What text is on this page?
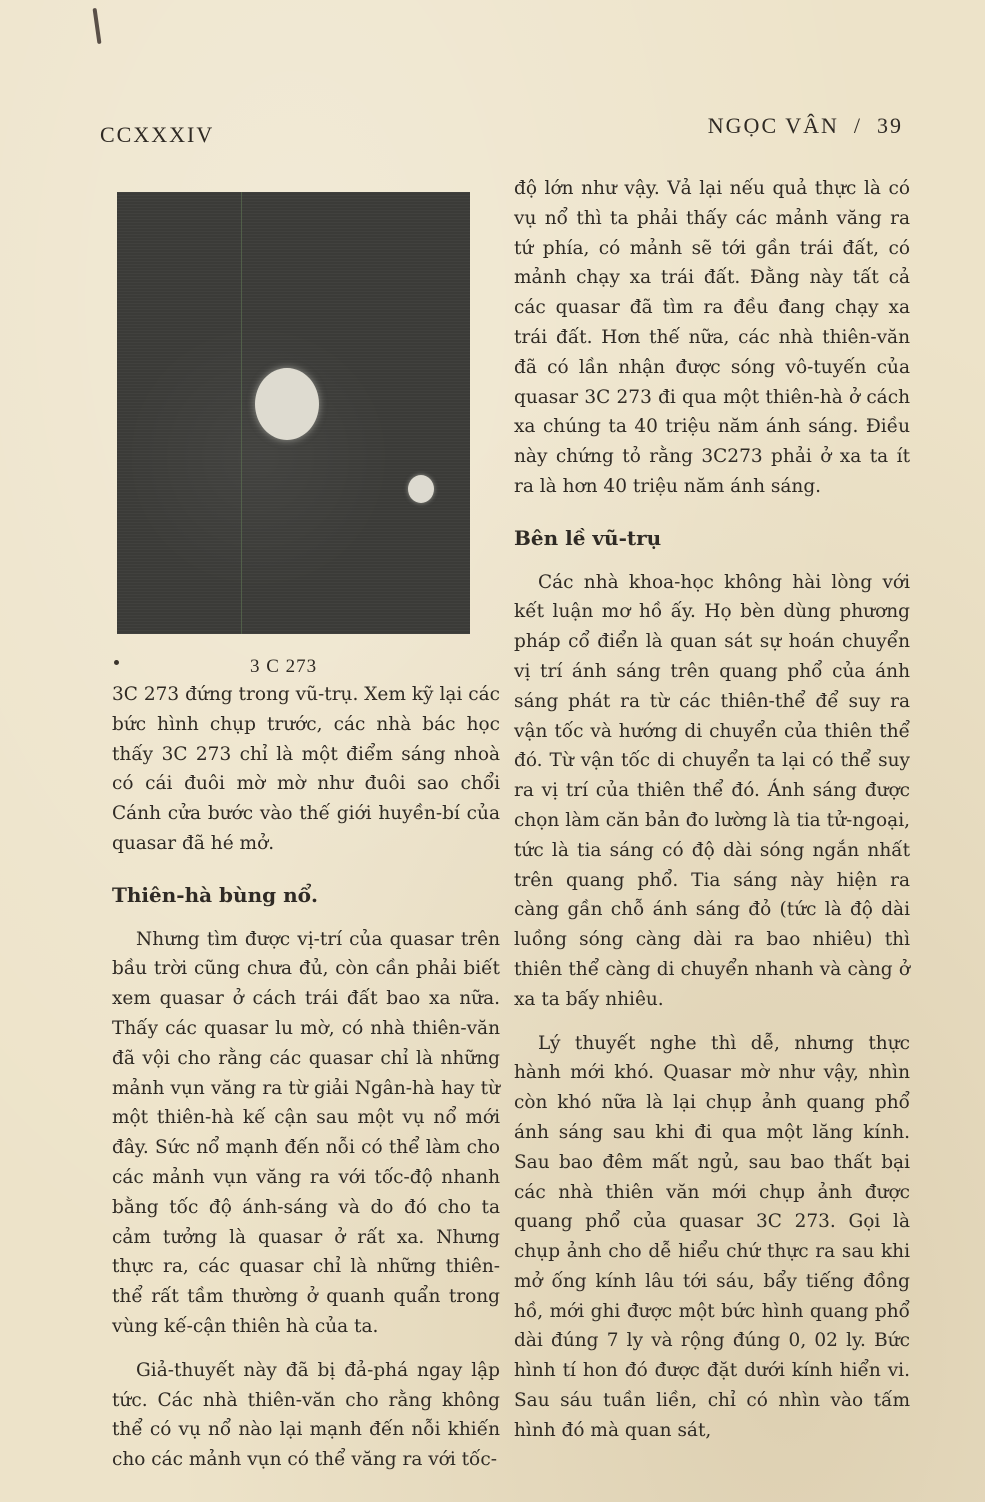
CCXXXIV	NGỌC VÂN  /  39
3 C 273

3C 273 đứng trong vũ-trụ. Xem kỹ lại các bức hình chụp trước, các nhà bác học thấy 3C 273 chỉ là một điểm sáng nhoà có cái đuôi mờ mờ như đuôi sao chổi Cánh cửa bước vào thế giới huyền-bí của quasar đã hé mở.

Thiên-hà bùng nổ.

Nhưng tìm được vị-trí của quasar trên bầu trời cũng chưa đủ, còn cần phải biết xem quasar ở cách trái đất bao xa nữa. Thấy các quasar lu mờ, có nhà thiên-văn đã vội cho rằng các quasar chỉ là những mảnh vụn văng ra từ giải Ngân-hà hay từ một thiên-hà kế cận sau một vụ nổ mới đây. Sức nổ mạnh đến nỗi có thể làm cho các mảnh vụn văng ra với tốc-độ nhanh bằng tốc độ ánh-sáng và do đó cho ta cảm tưởng là quasar ở rất xa. Nhưng thực ra, các quasar chỉ là những thiên-thể rất tầm thường ở quanh quẩn trong vùng kế-cận thiên hà của ta.

Giả-thuyết này đã bị đả-phá ngay lập tức. Các nhà thiên-văn cho rằng không thể có vụ nổ nào lại mạnh đến nỗi khiến cho các mảnh vụn có thể văng ra với tốc-

độ lớn như vậy. Vả lại nếu quả thực là có vụ nổ thì ta phải thấy các mảnh văng ra tứ phía, có mảnh sẽ tới gần trái đất, có mảnh chạy xa trái đất. Đằng này tất cả các quasar đã tìm ra đều đang chạy xa trái đất. Hơn thế nữa, các nhà thiên-văn đã có lần nhận được sóng vô-tuyến của quasar 3C 273 đi qua một thiên-hà ở cách xa chúng ta 40 triệu năm ánh sáng. Điều này chứng tỏ rằng 3C273 phải ở xa ta ít ra là hơn 40 triệu năm ánh sáng.

Bên lề vũ-trụ

Các nhà khoa-học không hài lòng với kết luận mơ hồ ấy. Họ bèn dùng phương pháp cổ điển là quan sát sự hoán chuyển vị trí ánh sáng trên quang phổ của ánh sáng phát ra từ các thiên-thể để suy ra vận tốc và hướng di chuyển của thiên thể đó. Từ vận tốc di chuyển ta lại có thể suy ra vị trí của thiên thể đó. Ánh sáng được chọn làm căn bản đo lường là tia tử-ngoại, tức là tia sáng có độ dài sóng ngắn nhất trên quang phổ. Tia sáng này hiện ra càng gần chỗ ánh sáng đỏ (tức là độ dài luồng sóng càng dài ra bao nhiêu) thì thiên thể càng di chuyển nhanh và càng ở xa ta bấy nhiêu.

Lý thuyết nghe thì dễ, nhưng thực hành mới khó. Quasar mờ như vậy, nhìn còn khó nữa là lại chụp ảnh quang phổ ánh sáng sau khi đi qua một lăng kính. Sau bao đêm mất ngủ, sau bao thất bại các nhà thiên văn mới chụp ảnh được quang phổ của quasar 3C 273. Gọi là chụp ảnh cho dễ hiểu chứ thực ra sau khi mở ống kính lâu tới sáu, bẩy tiếng đồng hồ, mới ghi được một bức hình quang phổ dài đúng 7 ly và rộng đúng 0, 02 ly. Bức hình tí hon đó được đặt dưới kính hiển vi. Sau sáu tuần liền, chỉ có nhìn vào tấm hình đó mà quan sát,
